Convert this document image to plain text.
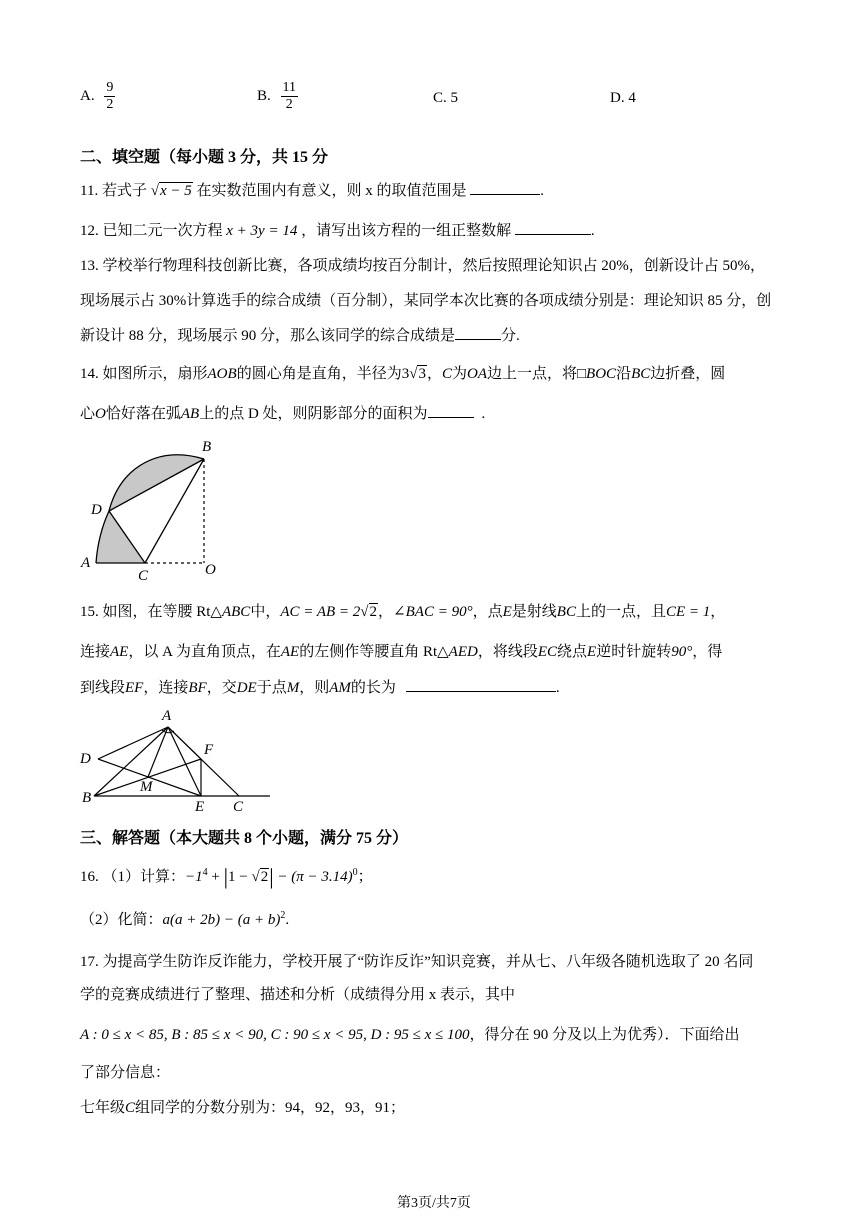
A. $\frac{9}{2}$	B. $\frac{11}{2}$	C. 5	D. 4
二、填空题（每小题 3 分，共 15 分
11. 若式子 √x − 5 在实数范围内有意义，则 x 的取值范围是	.
12. 已知二元一次方程 x + 3y = 14 ，请写出该方程的一组正整数解	.
13. 学校举行物理科技创新比赛，各项成绩均按百分制计，然后按照理论知识占 20%，创新设计占 50%，
现场展示占 30%计算选手的综合成绩（百分制），某同学本次比赛的各项成绩分别是：理论知识 85 分，创
新设计 88 分，现场展示 90 分，那么该同学的综合成绩是	分.
14. 如图所示，扇形AOB的圆心角是直角，半径为3√3，C为OA边上一点，将□BOC沿BC边折叠，圆
心O恰好落在弧AB上的点 D 处，则阴影部分的面积为	.
B
D
A
C	O
15. 如图，在等腰 Rt△ABC中，AC = AB = 2√2，∠BAC = 90°，点E是射线BC上的一点，且CE = 1，
连接AE，以 A 为直角顶点，在AE的左侧作等腰直角 Rt△AED，将线段EC绕点E逆时针旋转90°，得
到线段EF，连接BF，交DE于点M，则AM的长为	.
A
F
D
M
B
E C
三、解答题（本大题共 8 个小题，满分 75 分）
16. （1）计算：$-1^4 + |1 - √2| - (\pi - 3.14)^0$；
（2）化简：$a(a + 2b) - (a + b)^2$.
17. 为提高学生防诈反诈能力，学校开展了“防诈反诈”知识竞赛，并从七、八年级各随机选取了 20 名同
学的竞赛成绩进行了整理、描述和分析（成绩得分用 x 表示，其中
A : 0 ≤ x < 85, B : 85 ≤ x < 90, C : 90 ≤ x < 95, D : 95 ≤ x ≤ 100，得分在 90 分及以上为优秀）．下面给出
了部分信息：
七年级C组同学的分数分别为：94，92，93，91；
第3页/共7页
